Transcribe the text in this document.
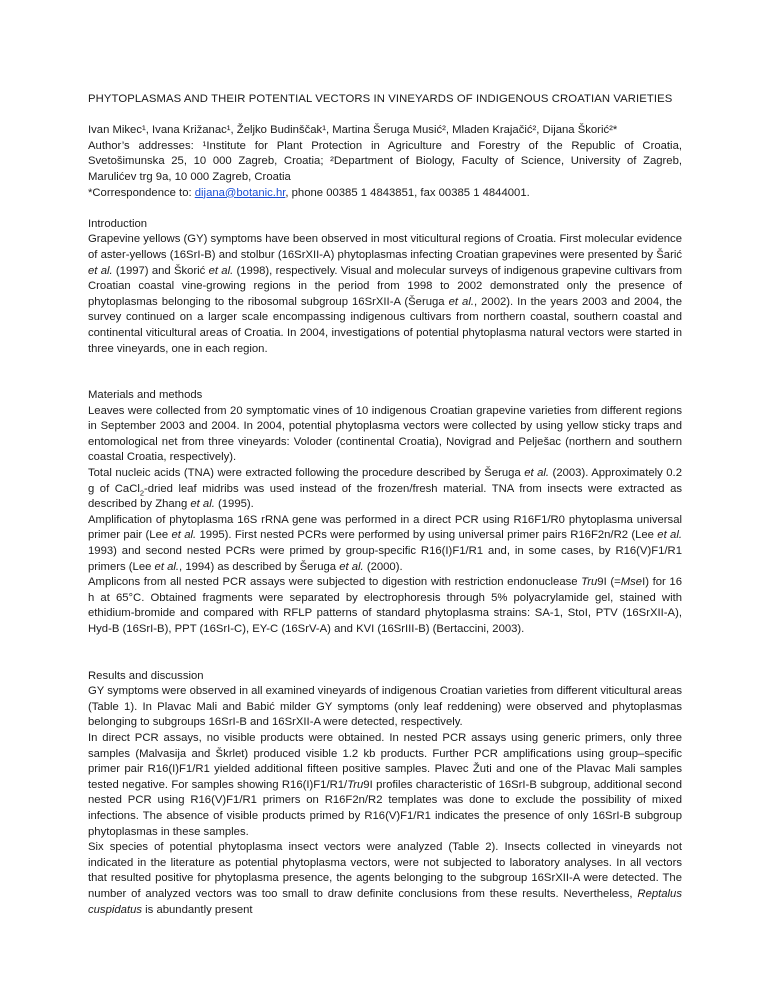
PHYTOPLASMAS AND THEIR POTENTIAL VECTORS IN VINEYARDS OF INDIGENOUS CROATIAN VARIETIES

Ivan Mikec¹, Ivana Križanac¹, Željko Budinščak¹, Martina Šeruga Musić², Mladen Krajačić², Dijana Škorić²*

Author’s addresses: ¹Institute for Plant Protection in Agriculture and Forestry of the Republic of Croatia, Svetošimunska 25, 10 000 Zagreb, Croatia; ²Department of Biology, Faculty of Science, University of Zagreb, Marulićev trg 9a, 10 000 Zagreb, Croatia

*Correspondence to: dijana@botanic.hr, phone 00385 1 4843851, fax 00385 1 4844001.

Introduction

Grapevine yellows (GY) symptoms have been observed in most viticultural regions of Croatia. First molecular evidence of aster-yellows (16SrI-B) and stolbur (16SrXII-A) phytoplasmas infecting Croatian grapevines were presented by Šarić et al. (1997) and Škorić et al. (1998), respectively. Visual and molecular surveys of indigenous grapevine cultivars from Croatian coastal vine-growing regions in the period from 1998 to 2002 demonstrated only the presence of phytoplasmas belonging to the ribosomal subgroup 16SrXII-A (Šeruga et al., 2002). In the years 2003 and 2004, the survey continued on a larger scale encompassing indigenous cultivars from northern coastal, southern coastal and continental viticultural areas of Croatia. In 2004, investigations of potential phytoplasma natural vectors were started in three vineyards, one in each region.

Materials and methods

Leaves were collected from 20 symptomatic vines of 10 indigenous Croatian grapevine varieties from different regions in September 2003 and 2004. In 2004, potential phytoplasma vectors were collected by using yellow sticky traps and entomological net from three vineyards: Voloder (continental Croatia), Novigrad and Pelješac (northern and southern coastal Croatia, respectively).

Total nucleic acids (TNA) were extracted following the procedure described by Šeruga et al. (2003). Approximately 0.2 g of CaCl$_2$-dried leaf midribs was used instead of the frozen/fresh material. TNA from insects were extracted as described by Zhang et al. (1995).

Amplification of phytoplasma 16S rRNA gene was performed in a direct PCR using R16F1/R0 phytoplasma universal primer pair (Lee et al. 1995). First nested PCRs were performed by using universal primer pairs R16F2n/R2 (Lee et al. 1993) and second nested PCRs were primed by group-specific R16(I)F1/R1 and, in some cases, by R16(V)F1/R1 primers (Lee et al., 1994) as described by Šeruga et al. (2000).

Amplicons from all nested PCR assays were subjected to digestion with restriction endonuclease Tru9I (=MseI) for 16 h at 65°C. Obtained fragments were separated by electrophoresis through 5% polyacrylamide gel, stained with ethidium-bromide and compared with RFLP patterns of standard phytoplasma strains: SA-1, StoI, PTV (16SrXII-A), Hyd-B (16SrI-B), PPT (16SrI-C), EY-C (16SrV-A) and KVI (16SrIII-B) (Bertaccini, 2003).

Results and discussion

GY symptoms were observed in all examined vineyards of indigenous Croatian varieties from different viticultural areas (Table 1). In Plavac Mali and Babić milder GY symptoms (only leaf reddening) were observed and phytoplasmas belonging to subgroups 16SrI-B and 16SrXII-A were detected, respectively.

In direct PCR assays, no visible products were obtained. In nested PCR assays using generic primers, only three samples (Malvasija and Škrlet) produced visible 1.2 kb products. Further PCR amplifications using group–specific primer pair R16(I)F1/R1 yielded additional fifteen positive samples. Plavec Žuti and one of the Plavac Mali samples tested negative. For samples showing R16(I)F1/R1/Tru9I profiles characteristic of 16SrI-B subgroup, additional second nested PCR using R16(V)F1/R1 primers on R16F2n/R2 templates was done to exclude the possibility of mixed infections. The absence of visible products primed by R16(V)F1/R1 indicates the presence of only 16SrI-B subgroup phytoplasmas in these samples.

Six species of potential phytoplasma insect vectors were analyzed (Table 2). Insects collected in vineyards not indicated in the literature as potential phytoplasma vectors, were not subjected to laboratory analyses. In all vectors that resulted positive for phytoplasma presence, the agents belonging to the subgroup 16SrXII-A were detected. The number of analyzed vectors was too small to draw definite conclusions from these results. Nevertheless, Reptalus cuspidatus is abundantly present
